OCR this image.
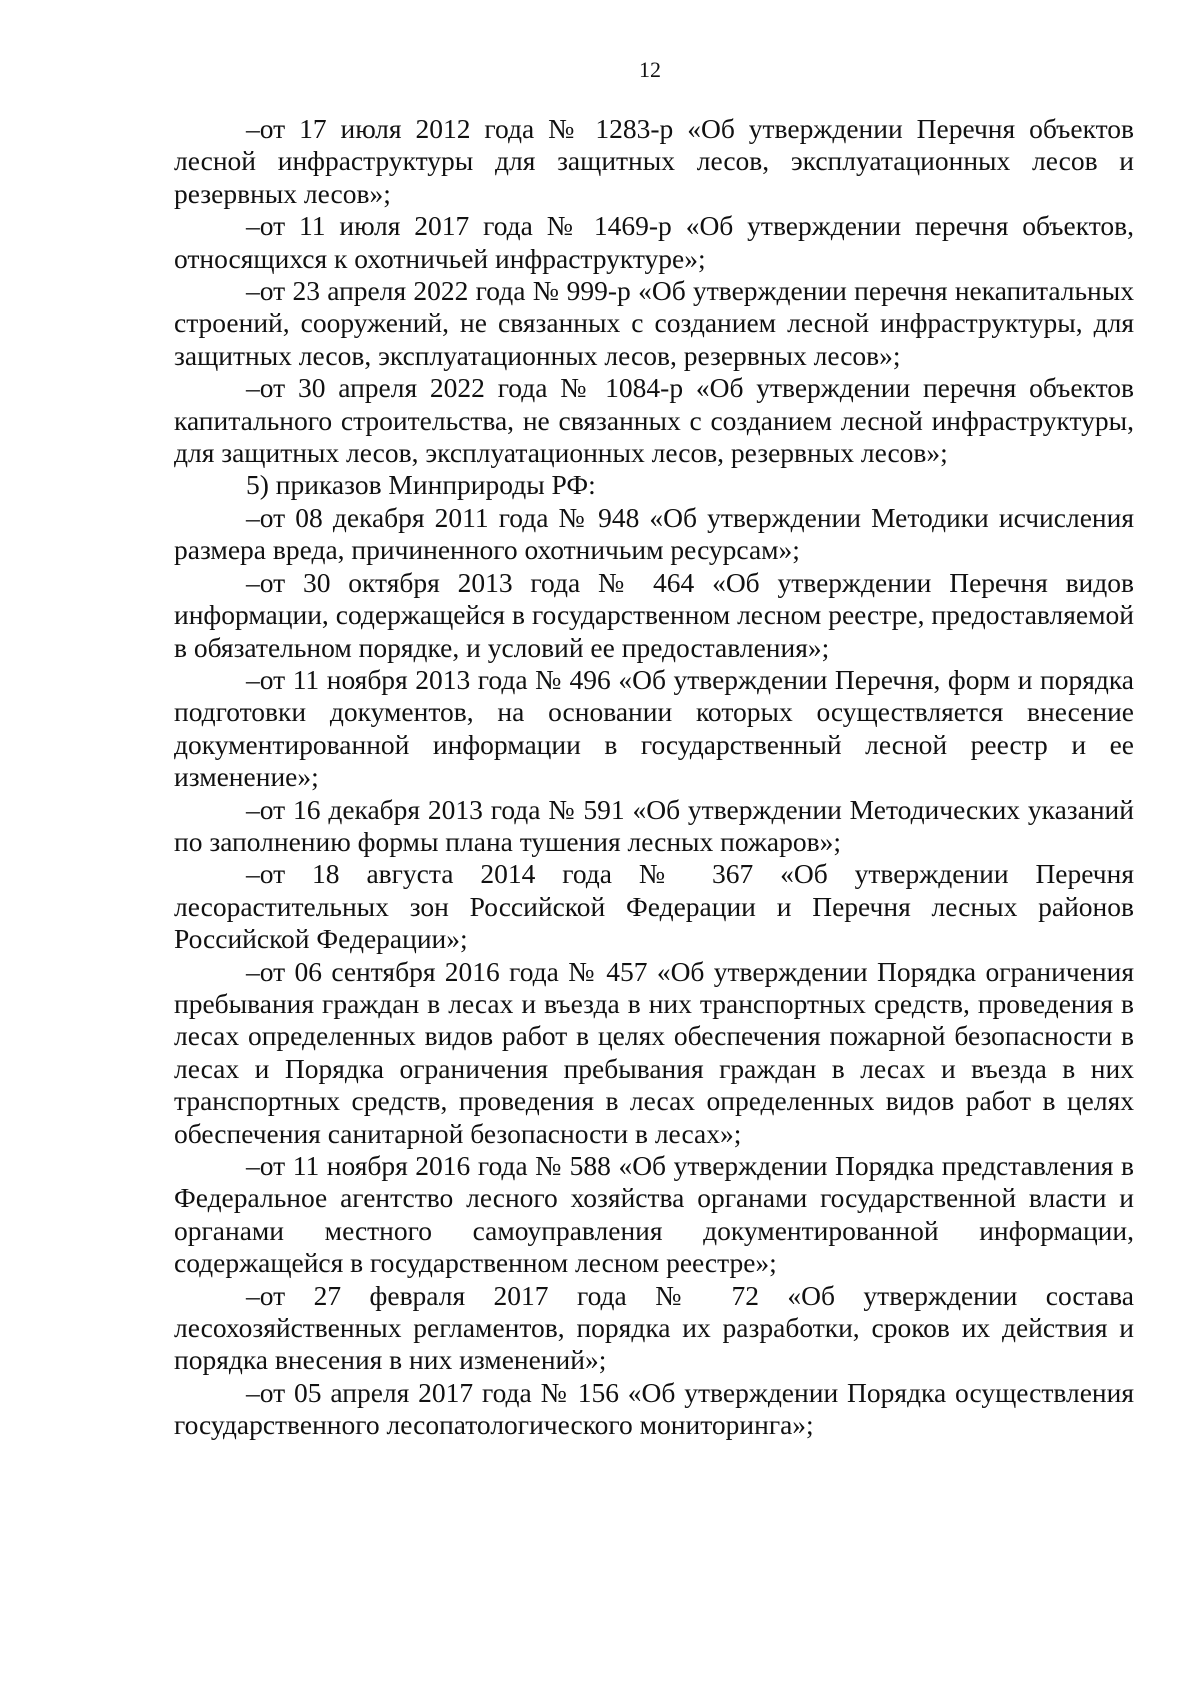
12

–от 17 июля 2012 года № 1283-р «Об утверждении Перечня объектов лесной инфраструктуры для защитных лесов, эксплуатационных лесов и резервных лесов»;

–от 11 июля 2017 года № 1469-р «Об утверждении перечня объектов, относящихся к охотничьей инфраструктуре»;

–от 23 апреля 2022 года № 999-р «Об утверждении перечня некапитальных строений, сооружений, не связанных с созданием лесной инфраструктуры, для защитных лесов, эксплуатационных лесов, резервных лесов»;

–от 30 апреля 2022 года № 1084-р «Об утверждении перечня объектов капитального строительства, не связанных с созданием лесной инфраструктуры, для защитных лесов, эксплуатационных лесов, резервных лесов»;

5) приказов Минприроды РФ:

–от 08 декабря 2011 года № 948 «Об утверждении Методики исчисления размера вреда, причиненного охотничьим ресурсам»;

–от 30 октября 2013 года № 464 «Об утверждении Перечня видов информации, содержащейся в государственном лесном реестре, предоставляемой в обязательном порядке, и условий ее предоставления»;

–от 11 ноября 2013 года № 496 «Об утверждении Перечня, форм и порядка подготовки документов, на основании которых осуществляется внесение документированной информации в государственный лесной реестр и ее изменение»;

–от 16 декабря 2013 года № 591 «Об утверждении Методических указаний по заполнению формы плана тушения лесных пожаров»;

–от 18 августа 2014 года № 367 «Об утверждении Перечня лесорастительных зон Российской Федерации и Перечня лесных районов Российской Федерации»;

–от 06 сентября 2016 года № 457 «Об утверждении Порядка ограничения пребывания граждан в лесах и въезда в них транспортных средств, проведения в лесах определенных видов работ в целях обеспечения пожарной безопасности в лесах и Порядка ограничения пребывания граждан в лесах и въезда в них транспортных средств, проведения в лесах определенных видов работ в целях обеспечения санитарной безопасности в лесах»;

–от 11 ноября 2016 года № 588 «Об утверждении Порядка представления в Федеральное агентство лесного хозяйства органами государственной власти и органами местного самоуправления документированной информации, содержащейся в государственном лесном реестре»;

–от 27 февраля 2017 года № 72 «Об утверждении состава лесохозяйственных регламентов, порядка их разработки, сроков их действия и порядка внесения в них изменений»;

–от 05 апреля 2017 года № 156 «Об утверждении Порядка осуществления государственного лесопатологического мониторинга»;
